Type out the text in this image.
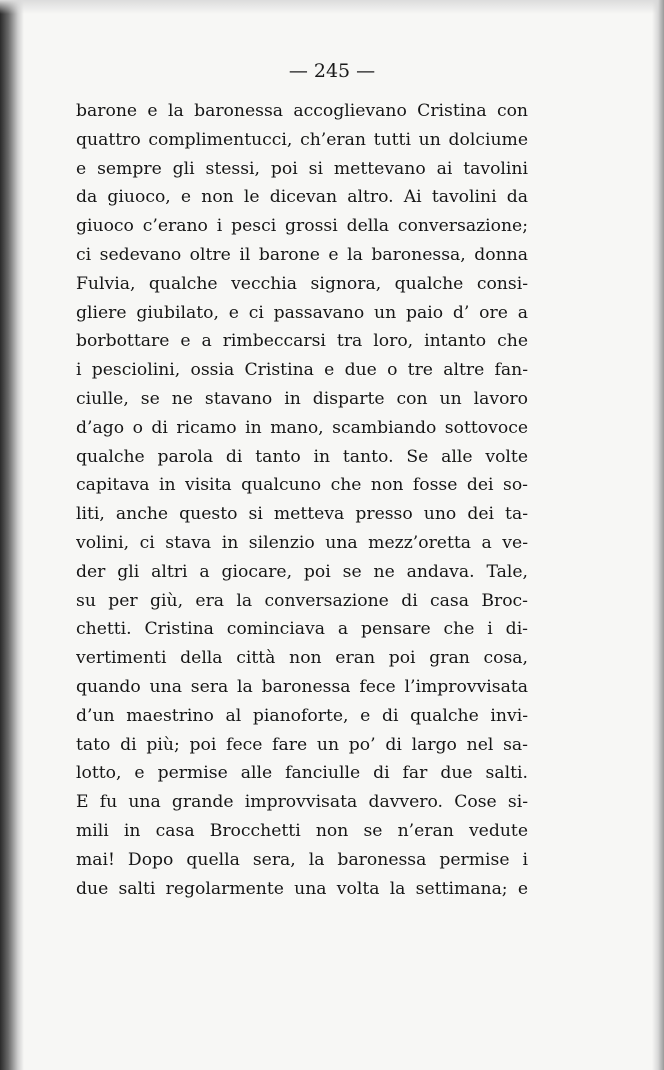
— 245 —

barone e la baronessa accoglievano Cristina con
quattro complimentucci, ch’eran tutti un dolciume
e sempre gli stessi, poi si mettevano ai tavolini
da giuoco, e non le dicevan altro. Ai tavolini da
giuoco c’erano i pesci grossi della conversazione;
ci sedevano oltre il barone e la baronessa, donna
Fulvia, qualche vecchia signora, qualche consi-
gliere giubilato, e ci passavano un paio d’ ore a
borbottare e a rimbeccarsi tra loro, intanto che
i pesciolini, ossia Cristina e due o tre altre fan-
ciulle, se ne stavano in disparte con un lavoro
d’ago o di ricamo in mano, scambiando sottovoce
qualche parola di tanto in tanto. Se alle volte
capitava in visita qualcuno che non fosse dei so-
liti, anche questo si metteva presso uno dei ta-
volini, ci stava in silenzio una mezz’oretta a ve-
der gli altri a giocare, poi se ne andava. Tale,
su per giù, era la conversazione di casa Broc-
chetti. Cristina cominciava a pensare che i di-
vertimenti della città non eran poi gran cosa,
quando una sera la baronessa fece l’improvvisata
d’un maestrino al pianoforte, e di qualche invi-
tato di più; poi fece fare un po’ di largo nel sa-
lotto, e permise alle fanciulle di far due salti.
E fu una grande improvvisata davvero. Cose si-
mili in casa Brocchetti non se n’eran vedute
mai! Dopo quella sera, la baronessa permise i
due salti regolarmente una volta la settimana; e
